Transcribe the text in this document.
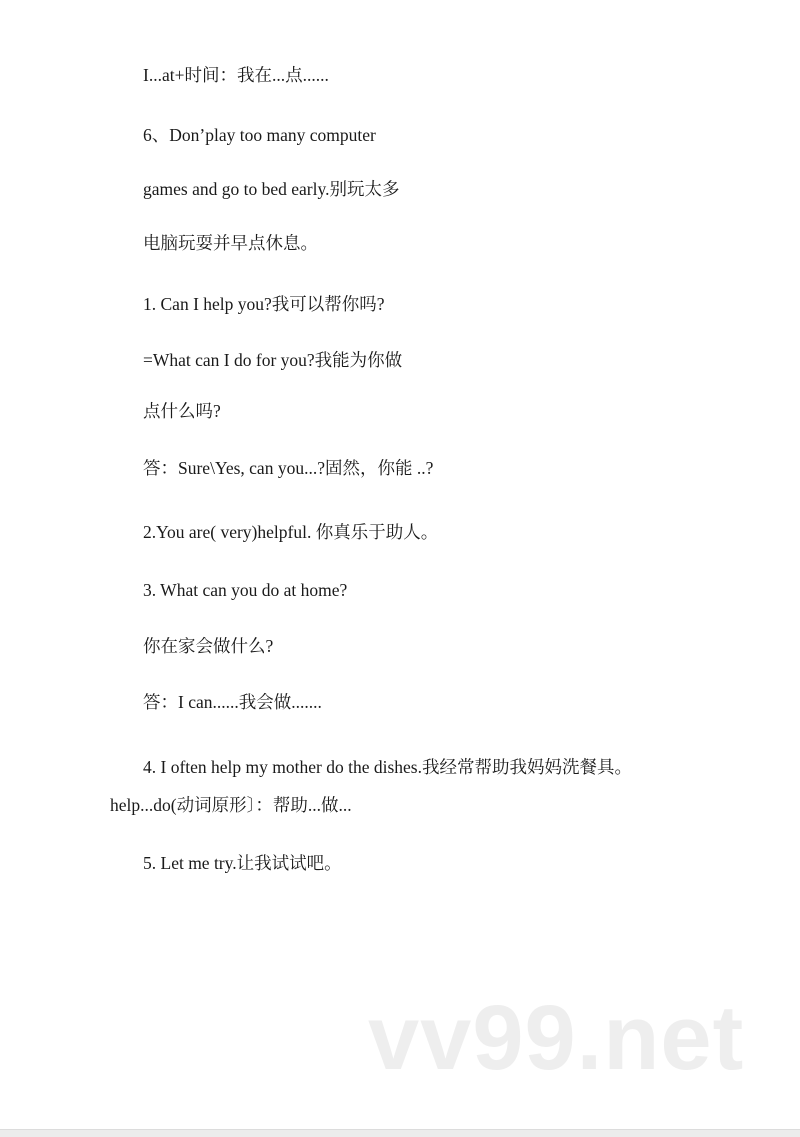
I...at+时间：我在...点......
6、Don’play too many computer
games and go to bed early.别玩太多
电脑玩耍并早点休息。
1. Can I help you?我可以帮你吗?
=What can I do for you?我能为你做
点什么吗?
答：Sure\Yes, can you...?固然，你能 ..?
2.You are( very)helpful. 你真乐于助人。
3. What can you do at home?
你在家会做什么?
答：I can......我会做.......
4. I often help my mother do the dishes.我经常帮助我妈妈洗餐具。
help...do(动词原形〕：帮助...做...
5. Let me try.让我试试吧。
vv99.net
